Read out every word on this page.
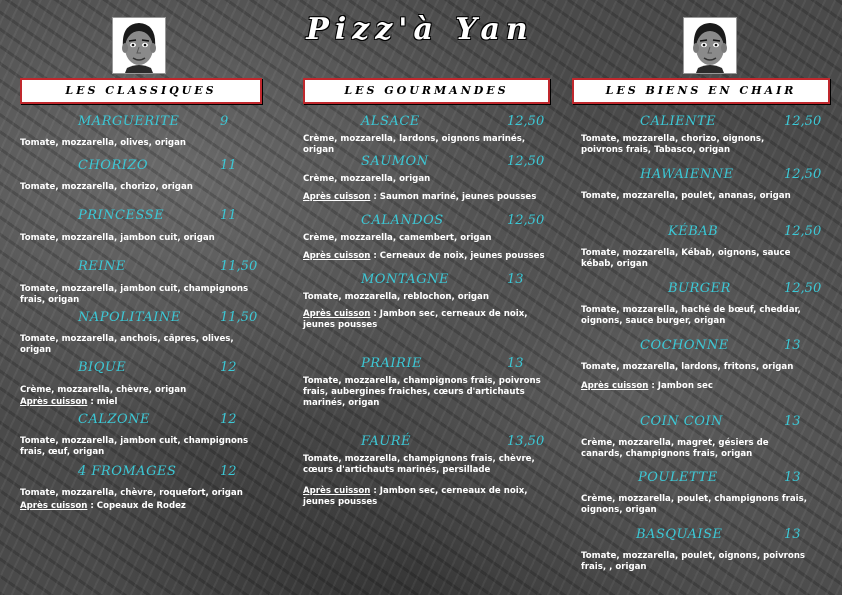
Pizz'à Yan
LES CLASSIQUES
MARGUERITE	9
Tomate, mozzarella, olives, origan
CHORIZO	11
Tomate, mozzarella, chorizo, origan
PRINCESSE	11
Tomate, mozzarella, jambon cuit, origan
REINE	11,50
Tomate, mozzarella, jambon cuit, champignons frais, origan
NAPOLITAINE	11,50
Tomate, mozzarella, anchois, câpres, olives, origan
BIQUE	12
Crème, mozzarella, chèvre, origan
Après cuisson : miel
CALZONE	12
Tomate, mozzarella, jambon cuit, champignons frais, œuf, origan
4 FROMAGES	12
Tomate, mozzarella, chèvre, roquefort, origan
Après cuisson : Copeaux de Rodez
LES GOURMANDES
ALSACE	12,50
Crème, mozzarella, lardons, oignons marinés, origan
SAUMON	12,50
Crème, mozzarella, origan
Après cuisson : Saumon mariné, jeunes pousses
CALANDOS	12,50
Crème, mozzarella, camembert, origan
Après cuisson : Cerneaux de noix, jeunes pousses
MONTAGNE	13
Tomate, mozzarella, reblochon, origan
Après cuisson : Jambon sec, cerneaux de noix, jeunes pousses
PRAIRIE	13
Tomate, mozzarella, champignons frais, poivrons frais, aubergines fraiches, cœurs d'artichauts marinés, origan
FAURÉ	13,50
Tomate, mozzarella, champignons frais, chèvre, cœurs d'artichauts marinés, persillade
Après cuisson : Jambon sec, cerneaux de noix, jeunes pousses
LES BIENS EN CHAIR
CALIENTE	12,50
Tomate, mozzarella, chorizo, oignons, poivrons frais, Tabasco, origan
HAWAIENNE	12,50
Tomate, mozzarella, poulet, ananas, origan
KÉBAB	12,50
Tomate, mozzarella, Kébab, oignons, sauce kébab, origan
BURGER	12,50
Tomate, mozzarella, haché de bœuf, cheddar, oignons, sauce burger, origan
COCHONNE	13
Tomate, mozzarella, lardons, fritons, origan
Après cuisson : Jambon sec
COIN COIN	13
Crème, mozzarella, magret, gésiers de canards, champignons frais, origan
POULETTE	13
Crème, mozzarella, poulet, champignons frais, oignons, origan
BASQUAISE	13
Tomate, mozzarella, poulet, oignons, poivrons frais, , origan
